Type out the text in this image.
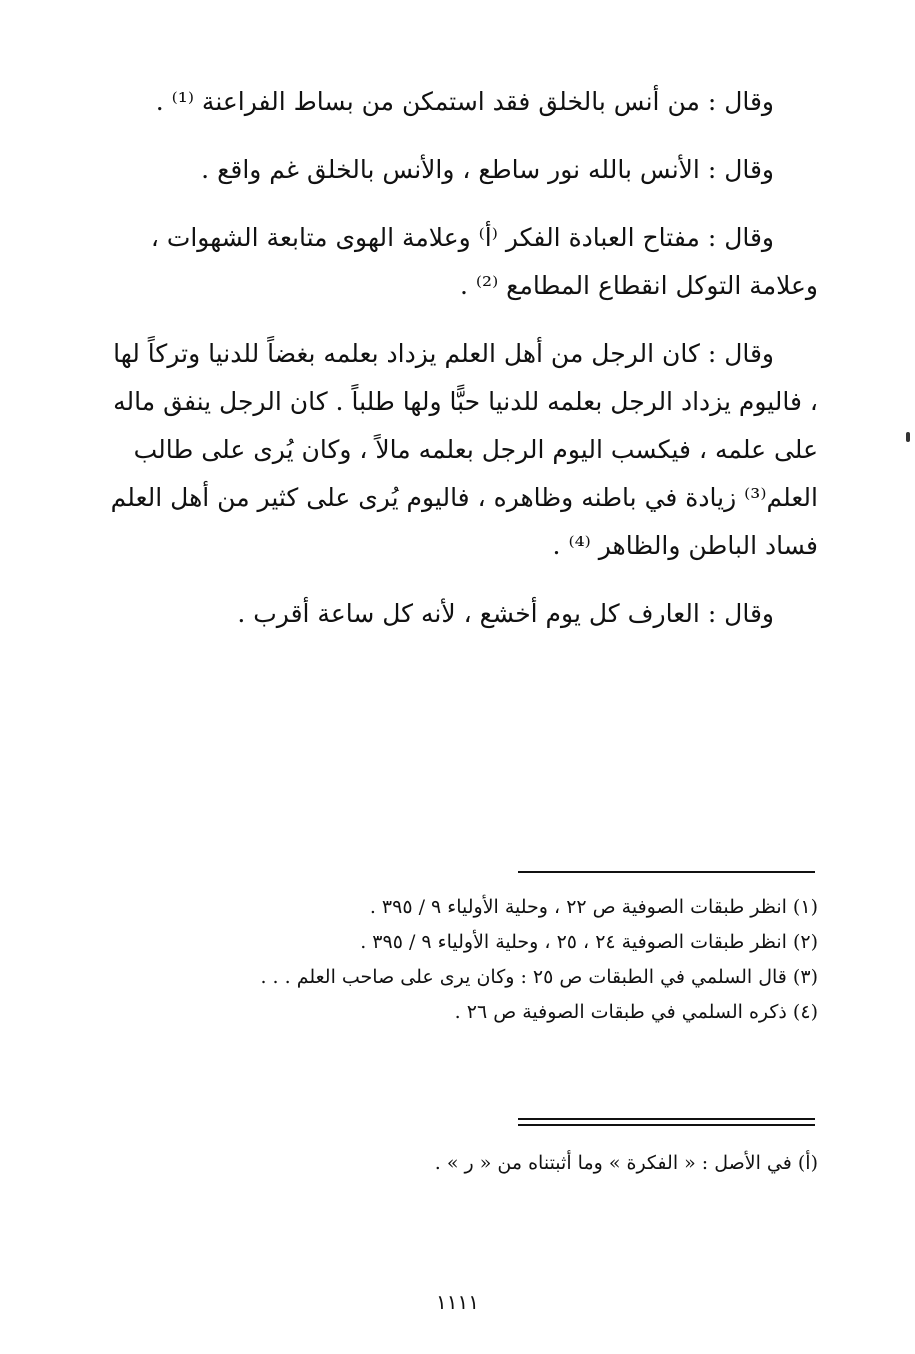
وقال : من أنس بالخلق فقد استمكن من بساط الفراعنة ⁽¹⁾ .

وقال : الأنس بالله نور ساطع ، والأنس بالخلق غم واقع .

وقال : مفتاح العبادة الفكر ⁽أ⁾ وعلامة الهوى متابعة الشهوات ، وعلامة التوكل انقطاع المطامع ⁽²⁾ .

وقال : كان الرجل من أهل العلم يزداد بعلمه بغضاً للدنيا وتركاً لها ، فاليوم يزداد الرجل بعلمه للدنيا حبًّا ولها طلباً . كان الرجل ينفق ماله على علمه ، فيكسب اليوم الرجل بعلمه مالاً ، وكان يُرى على طالب العلم⁽³⁾ زيادة في باطنه وظاهره ، فاليوم يُرى على كثير من أهل العلم فساد الباطن والظاهر ⁽⁴⁾ .

وقال : العارف كل يوم أخشع ، لأنه كل ساعة أقرب .

(١) انظر طبقات الصوفية ص ٢٢ ، وحلية الأولياء ٩ / ٣٩٥ .
(٢) انظر طبقات الصوفية ٢٤ ، ٢٥ ، وحلية الأولياء ٩ / ٣٩٥ .
(٣) قال السلمي في الطبقات ص ٢٥ : وكان يرى على صاحب العلم . . .
(٤) ذكره السلمي في طبقات الصوفية ص ٢٦ .
(أ) في الأصل : « الفكرة » وما أثبتناه من « ر » .
١١١١
